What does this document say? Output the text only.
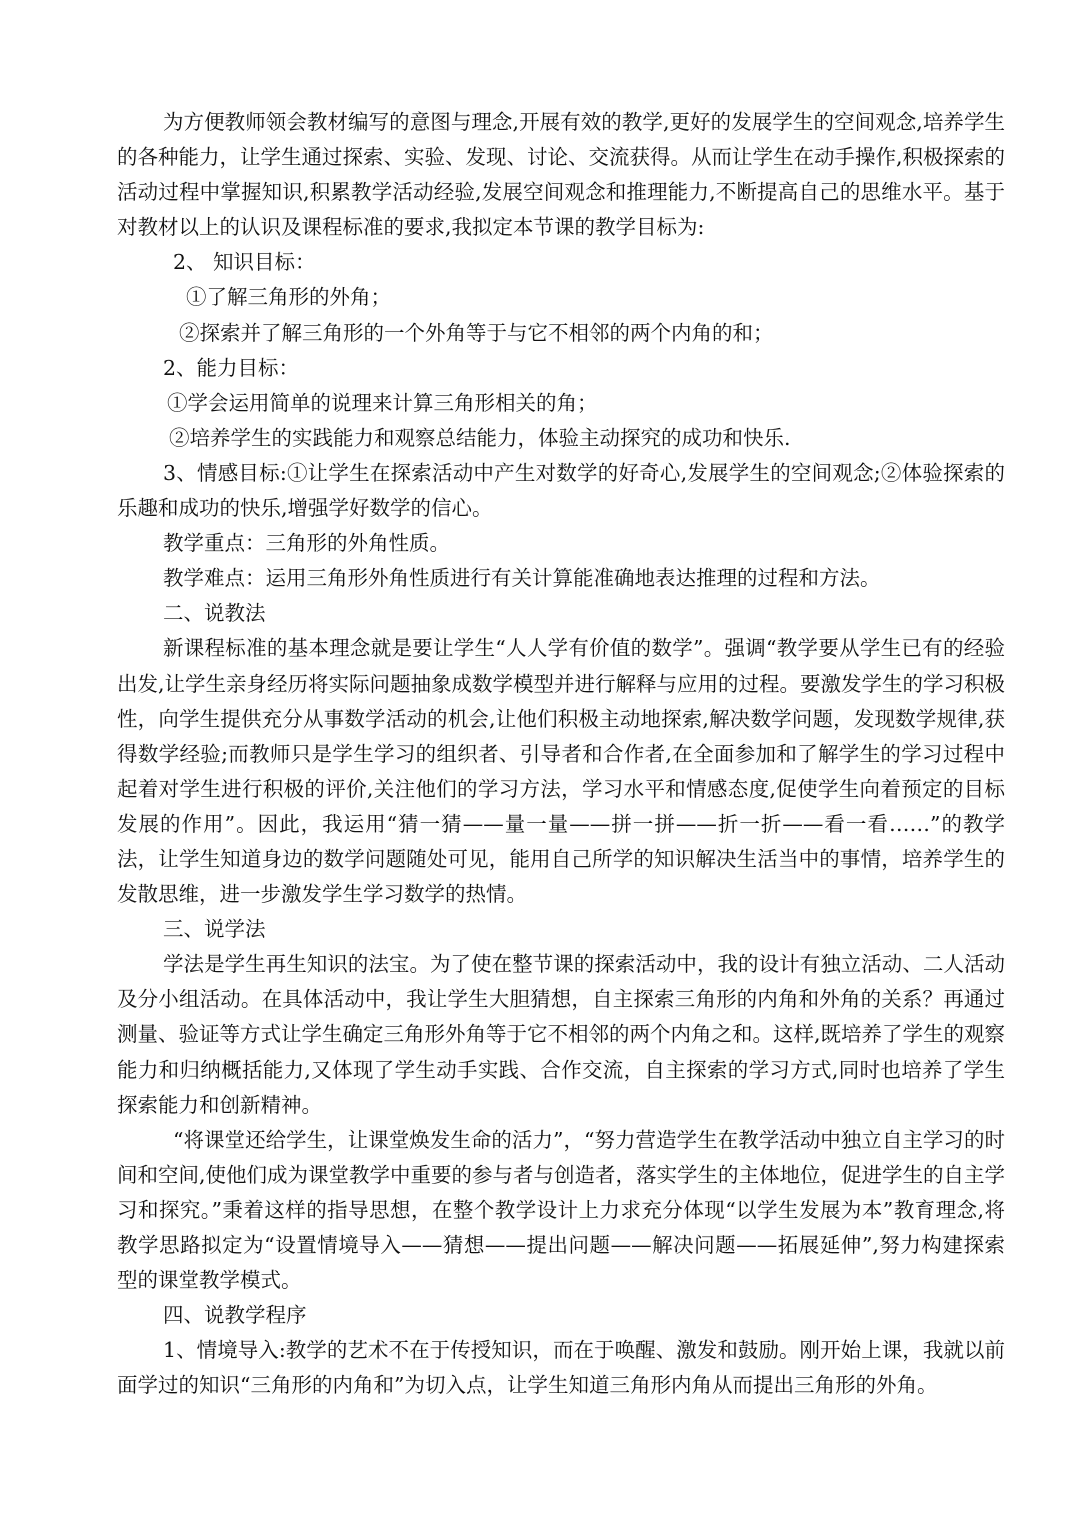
为方便教师领会教材编写的意图与理念,开展有效的教学,更好的发展学生的空间观念,培养学生的各种能力，让学生通过探索、实验、发现、讨论、交流获得。从而让学生在动手操作,积极探索的活动过程中掌握知识,积累教学活动经验,发展空间观念和推理能力,不断提高自己的思维水平。基于对教材以上的认识及课程标准的要求,我拟定本节课的教学目标为:

2、 知识目标：

①了解三角形的外角；

②探索并了解三角形的一个外角等于与它不相邻的两个内角的和；

2、能力目标：

①学会运用简单的说理来计算三角形相关的角；

②培养学生的实践能力和观察总结能力，体验主动探究的成功和快乐.

3、情感目标:①让学生在探索活动中产生对数学的好奇心,发展学生的空间观念;②体验探索的乐趣和成功的快乐,增强学好数学的信心。

教学重点：三角形的外角性质。

教学难点：运用三角形外角性质进行有关计算能准确地表达推理的过程和方法。

二、说教法

新课程标准的基本理念就是要让学生“人人学有价值的数学”。强调“教学要从学生已有的经验出发,让学生亲身经历将实际问题抽象成数学模型并进行解释与应用的过程。要激发学生的学习积极性，向学生提供充分从事数学活动的机会,让他们积极主动地探索,解决数学问题，发现数学规律,获得数学经验;而教师只是学生学习的组织者、引导者和合作者,在全面参加和了解学生的学习过程中起着对学生进行积极的评价,关注他们的学习方法，学习水平和情感态度,促使学生向着预定的目标发展的作用”。因此，我运用“猜一猜——量一量——拼一拼——折一折——看一看……”的教学法，让学生知道身边的数学问题随处可见，能用自己所学的知识解决生活当中的事情，培养学生的发散思维，进一步激发学生学习数学的热情。

三、说学法

学法是学生再生知识的法宝。为了使在整节课的探索活动中，我的设计有独立活动、二人活动及分小组活动。在具体活动中，我让学生大胆猜想，自主探索三角形的内角和外角的关系？再通过测量、验证等方式让学生确定三角形外角等于它不相邻的两个内角之和。这样,既培养了学生的观察能力和归纳概括能力,又体现了学生动手实践、合作交流，自主探索的学习方式,同时也培养了学生探索能力和创新精神。

“将课堂还给学生，让课堂焕发生命的活力”，“努力营造学生在教学活动中独立自主学习的时间和空间,使他们成为课堂教学中重要的参与者与创造者，落实学生的主体地位，促进学生的自主学习和探究。”秉着这样的指导思想，在整个教学设计上力求充分体现“以学生发展为本”教育理念,将教学思路拟定为“设置情境导入——猜想——提出问题——解决问题——拓展延伸”,努力构建探索型的课堂教学模式。

四、说教学程序

1、情境导入:教学的艺术不在于传授知识，而在于唤醒、激发和鼓励。刚开始上课，我就以前面学过的知识“三角形的内角和”为切入点，让学生知道三角形内角从而提出三角形的外角。
